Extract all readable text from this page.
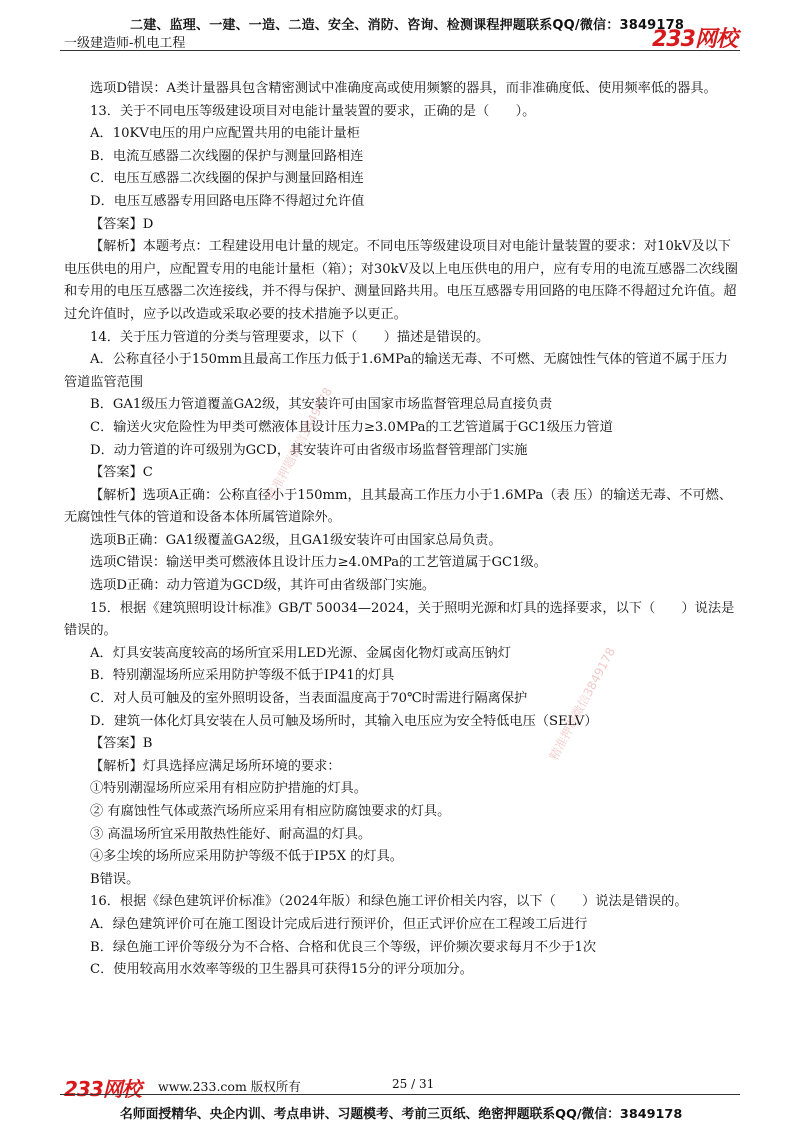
二建、监理、一建、一造、二造、安全、消防、咨询、检测课程押题联系QQ/微信：3849178
一级建造师-机电工程	233网校

选项D错误：A类计量器具包含精密测试中准确度高或使用频繁的器具，而非准确度低、使用频率低的器具。

13．关于不同电压等级建设项目对电能计量装置的要求，正确的是（　　）。

A．10KV电压的用户应配置共用的电能计量柜

B．电流互感器二次线圈的保护与测量回路相连

C．电压互感器二次线圈的保护与测量回路相连

D．电压互感器专用回路电压降不得超过允许值

【答案】D

【解析】本题考点：工程建设用电计量的规定。不同电压等级建设项目对电能计量装置的要求：对10kV及以下电压供电的用户，应配置专用的电能计量柜（箱）；对30kV及以上电压供电的用户，应有专用的电流互感器二次线圈和专用的电压互感器二次连接线，并不得与保护、测量回路共用。电压互感器专用回路的电压降不得超过允许值。超过允许值时，应予以改造或采取必要的技术措施予以更正。

14．关于压力管道的分类与管理要求，以下（　　）描述是错误的。

A．公称直径小于150mm且最高工作压力低于1.6MPa的输送无毒、不可燃、无腐蚀性气体的管道不属于压力管道监管范围

B．GA1级压力管道覆盖GA2级，其安装许可由国家市场监督管理总局直接负责

C．输送火灾危险性为甲类可燃液体且设计压力≥3.0MPa的工艺管道属于GC1级压力管道

D．动力管道的许可级别为GCD，其安装许可由省级市场监督管理部门实施

【答案】C

【解析】选项A正确：公称直径小于150mm，且其最高工作压力小于1.6MPa（表 压）的输送无毒、不可燃、无腐蚀性气体的管道和设备本体所属管道除外。

选项B正确：GA1级覆盖GA2级，且GA1级安装许可由国家总局负责。

选项C错误：输送甲类可燃液体且设计压力≥4.0MPa的工艺管道属于GC1级。

选项D正确：动力管道为GCD级，其许可由省级部门实施。

15．根据《建筑照明设计标准》GB/T 50034—2024，关于照明光源和灯具的选择要求，以下（　　）说法是错误的。

A．灯具安装高度较高的场所宜采用LED光源、金属卤化物灯或高压钠灯

B．特别潮湿场所应采用防护等级不低于IP41的灯具

C．对人员可触及的室外照明设备，当表面温度高于70℃时需进行隔离保护

D．建筑一体化灯具安装在人员可触及场所时，其输入电压应为安全特低电压（SELV）

【答案】B

【解析】灯具选择应满足场所环境的要求：

①特别潮湿场所应采用有相应防护措施的灯具。

② 有腐蚀性气体或蒸汽场所应采用有相应防腐蚀要求的灯具。

③ 高温场所宜采用散热性能好、耐高温的灯具。

④多尘埃的场所应采用防护等级不低于IP5X 的灯具。

B错误。

16．根据《绿色建筑评价标准》（2024年版）和绿色施工评价相关内容，以下（　　）说法是错误的。

A．绿色建筑评价可在施工图设计完成后进行预评价，但正式评价应在工程竣工后进行

B．绿色施工评价等级分为不合格、合格和优良三个等级，评价频次要求每月不少于1次

C．使用较高用水效率等级的卫生器具可获得15分的评分项加分。

精准押题微信3849178
精准押题微信3849178
233网校 www.233.com 版权所有	25 / 31
名师面授精华、央企内训、考点串讲、习题模考、考前三页纸、绝密押题联系QQ/微信：3849178
